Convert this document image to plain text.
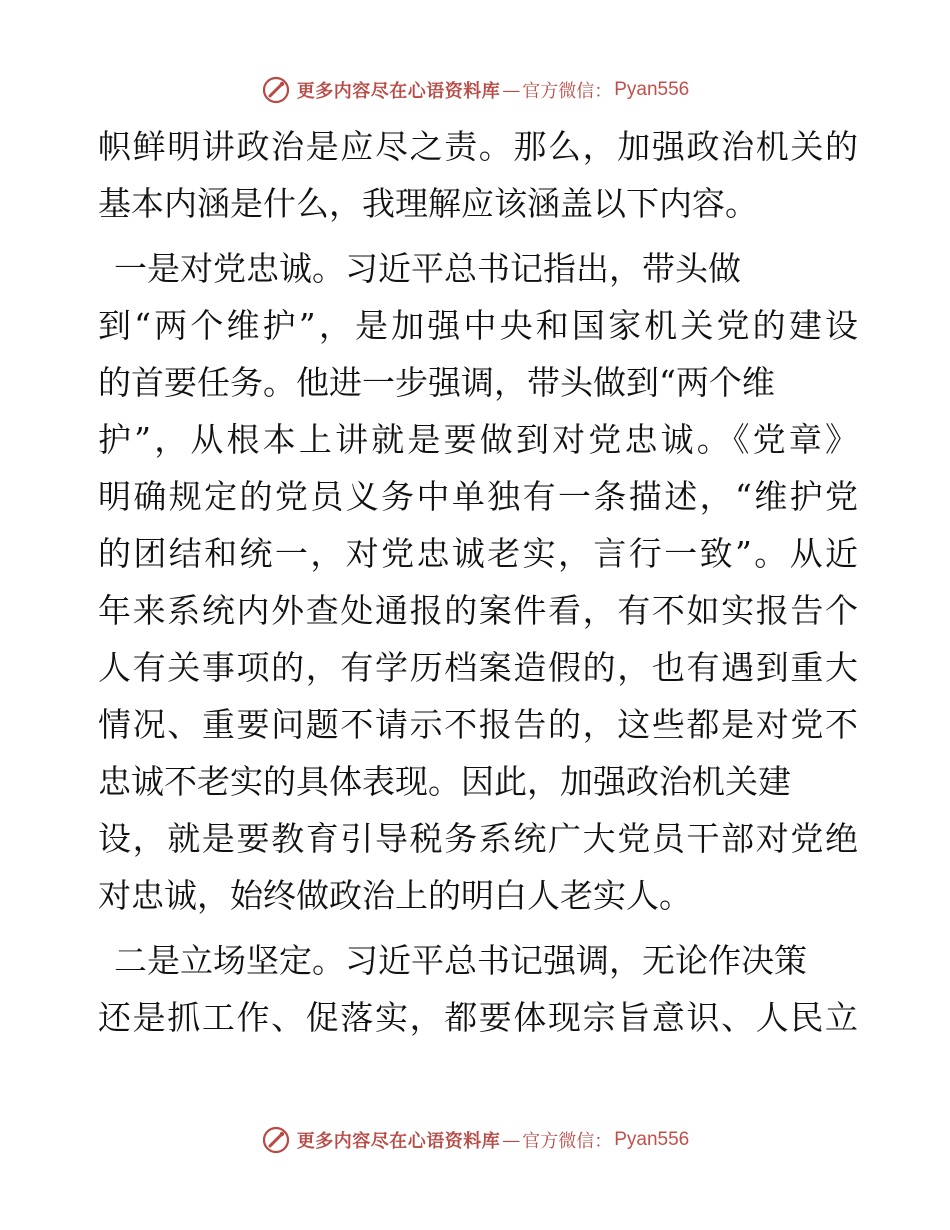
更多内容尽在心语资料库 — 官方微信： Pyan556
帜鲜明讲政治是应尽之责。那么，加强政治机关的
基本内涵是什么，我理解应该涵盖以下内容。
一是对党忠诚。习近平总书记指出，带头做
到“两个维护”，是加强中央和国家机关党的建设
的首要任务。他进一步强调，带头做到“两个维
护”，从根本上讲就是要做到对党忠诚。《党章》
明确规定的党员义务中单独有一条描述，“维护党
的团结和统一，对党忠诚老实，言行一致”。从近
年来系统内外查处通报的案件看，有不如实报告个
人有关事项的，有学历档案造假的，也有遇到重大
情况、重要问题不请示不报告的，这些都是对党不
忠诚不老实的具体表现。因此，加强政治机关建
设，就是要教育引导税务系统广大党员干部对党绝
对忠诚，始终做政治上的明白人老实人。
二是立场坚定。习近平总书记强调，无论作决策
还是抓工作、促落实，都要体现宗旨意识、人民立
更多内容尽在心语资料库 — 官方微信： Pyan556
